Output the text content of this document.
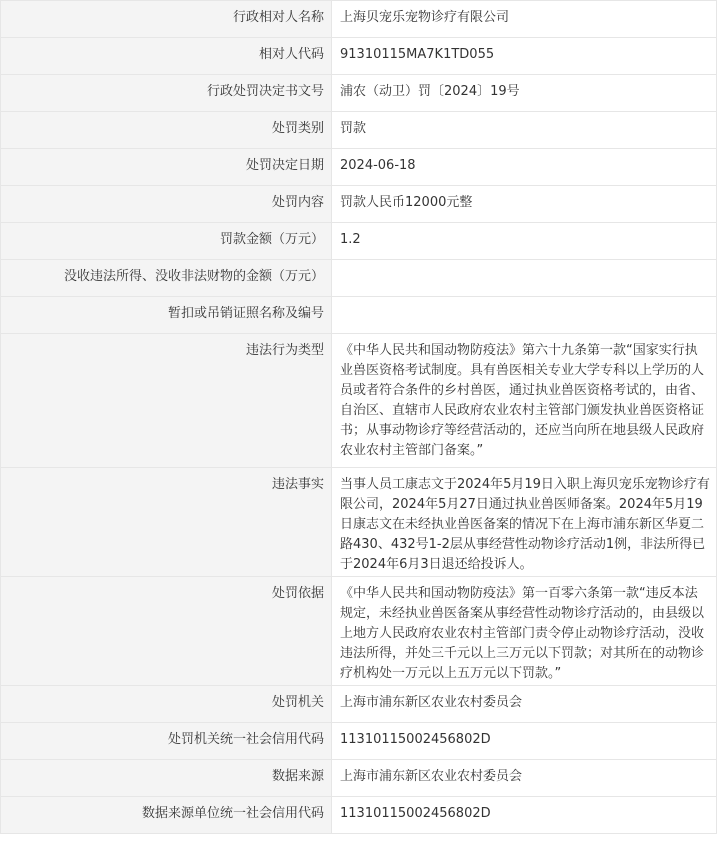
行政相对人名称	上海贝宠乐宠物诊疗有限公司
相对人代码	91310115MA7K1TD055
行政处罚决定书文号	浦农（动卫）罚〔2024〕19号
处罚类别	罚款
处罚决定日期	2024-06-18
处罚内容	罚款人民币12000元整
罚款金额（万元）	1.2
没收违法所得、没收非法财物的金额（万元）	
暂扣或吊销证照名称及编号	
违法行为类型	《中华人民共和国动物防疫法》第六十九条第一款“国家实行执业兽医资格考试制度。具有兽医相关专业大学专科以上学历的人员或者符合条件的乡村兽医，通过执业兽医资格考试的，由省、自治区、直辖市人民政府农业农村主管部门颁发执业兽医资格证书；从事动物诊疗等经营活动的，还应当向所在地县级人民政府农业农村主管部门备案。”
违法事实	当事人员工康志文于2024年5月19日入职上海贝宠乐宠物诊疗有限公司，2024年5月27日通过执业兽医师备案。2024年5月19日康志文在未经执业兽医备案的情况下在上海市浦东新区华夏二路430、432号1-2层从事经营性动物诊疗活动1例，非法所得已于2024年6月3日退还给投诉人。
处罚依据	《中华人民共和国动物防疫法》第一百零六条第一款“违反本法规定，未经执业兽医备案从事经营性动物诊疗活动的，由县级以上地方人民政府农业农村主管部门责令停止动物诊疗活动，没收违法所得，并处三千元以上三万元以下罚款；对其所在的动物诊疗机构处一万元以上五万元以下罚款。”
处罚机关	上海市浦东新区农业农村委员会
处罚机关统一社会信用代码	11310115002456802D
数据来源	上海市浦东新区农业农村委员会
数据来源单位统一社会信用代码	11310115002456802D
